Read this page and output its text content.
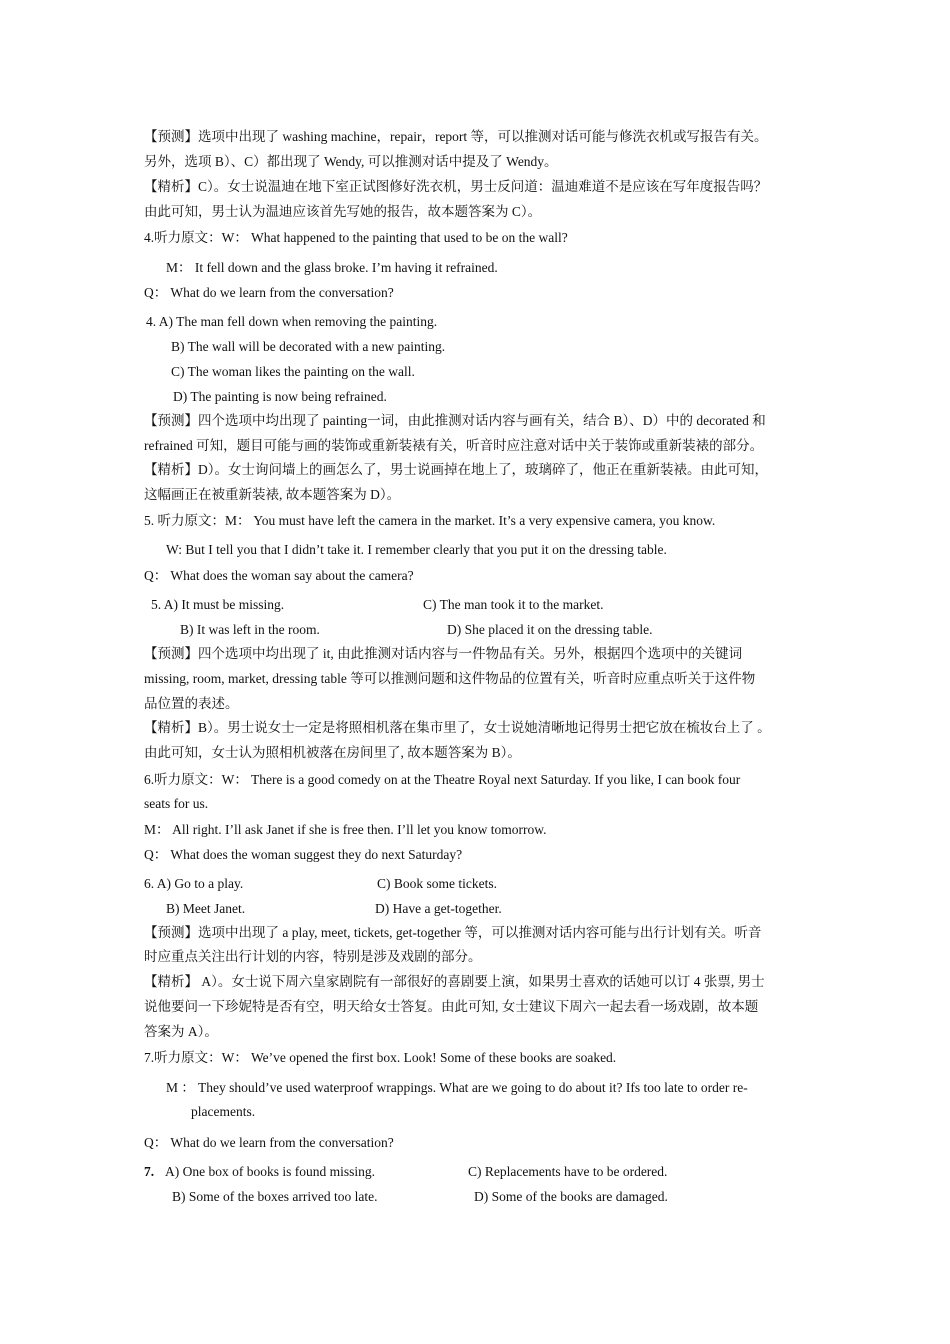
【预测】选项中出现了 washing machine，repair，report 等，可以推测对话可能与修洗衣机或写报告有关。
另外，选项 B）、C）都出现了 Wendy, 可以推测对话中提及了 Wendy。
【精析】C）。女士说温迪在地下室正试图修好洗衣机，男士反问道：温迪难道不是应该在写年度报告吗？
由此可知，男士认为温迪应该首先写她的报告，故本题答案为 C）。
4.听力原文：W： What happened to the painting that used to be on the wall?
M： It fell down and the glass broke. I’m having it refrained.
Q： What do we learn from the conversation?
4. A) The man fell down when removing the painting.
B) The wall will be decorated with a new painting.
C) The woman likes the painting on the wall.
D) The painting is now being refrained.
【预测】四个选项中均出现了 painting一词，由此推测对话内容与画有关，结合 B）、D）中的 decorated 和
refrained 可知，题目可能与画的装饰或重新装裱有关，听音时应注意对话中关于装饰或重新装裱的部分。
【精析】D）。女士询问墙上的画怎么了，男士说画掉在地上了，玻璃碎了，他正在重新装裱。由此可知，
这幅画正在被重新装裱, 故本题答案为 D）。
5. 听力原文：M： You must have left the camera in the market. It’s a very expensive camera, you know.
W: But I tell you that I didn’t take it. I remember clearly that you put it on the dressing table.
Q： What does the woman say about the camera?
5. A) It must be missing.	C) The man took it to the market.
B) It was left in the room.	D) She placed it on the dressing table.
【预测】四个选项中均出现了 it, 由此推测对话内容与一件物品有关。另外，根据四个选项中的关键词
missing, room, market, dressing table 等可以推测问题和这件物品的位置有关，听音时应重点听关于这件物
品位置的表述。
【精析】B）。男士说女士一定是将照相机落在集市里了，女士说她清晰地记得男士把它放在梳妆台上了 。
由此可知，女士认为照相机被落在房间里了, 故本题答案为 B）。
6.听力原文：W： There is a good comedy on at the Theatre Royal next Saturday. If you like, I can book four
seats for us.
M： All right. I’ll ask Janet if she is free then. I’ll let you know tomorrow.
Q： What does the woman suggest they do next Saturday?
6. A) Go to a play.	C) Book some tickets.
B) Meet Janet.	D) Have a get-together.
【预测】选项中出现了 a play, meet, tickets, get-together 等，可以推测对话内容可能与出行计划有关。听音
时应重点关注出行计划的内容，特别是涉及戏剧的部分。
【精析】 A）。女士说下周六皇家剧院有一部很好的喜剧要上演，如果男士喜欢的话她可以订 4 张票, 男士
说他要问一下珍妮特是否有空，明天给女士答复。由此可知, 女士建议下周六一起去看一场戏剧，故本题
答案为 A）。
7.听力原文：W： We’ve opened the first box. Look! Some of these books are soaked.
M ： They should’ve used waterproof wrappings. What are we going to do about it? Ifs too late to order re-
placements.
Q： What do we learn from the conversation?
7. A) One box of books is found missing.	C) Replacements have to be ordered.
B) Some of the boxes arrived too late.	D) Some of the books are damaged.
